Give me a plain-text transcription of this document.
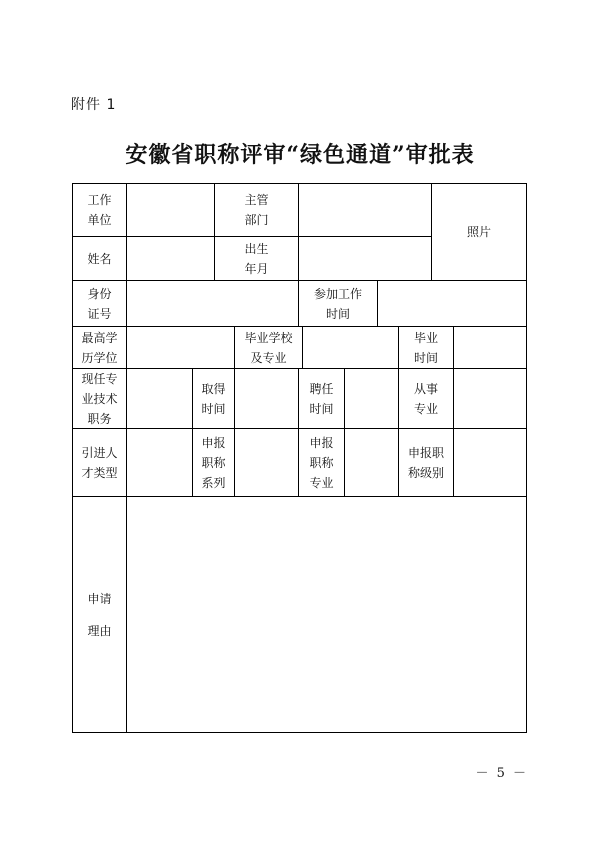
附件 1
安徽省职称评审“绿色通道”审批表
工作
单位
主管
部门
照片
姓名
出生
年月
身份
证号
参加工作
时间
最高学
历学位
毕业学校
及专业
毕业
时间
现任专
业技术
职务
取得
时间
聘任
时间
从事
专业
引进人
才类型
申报
职称
系列
申报
职称
专业
申报职
称级别
申请
理由
－ 5 －
